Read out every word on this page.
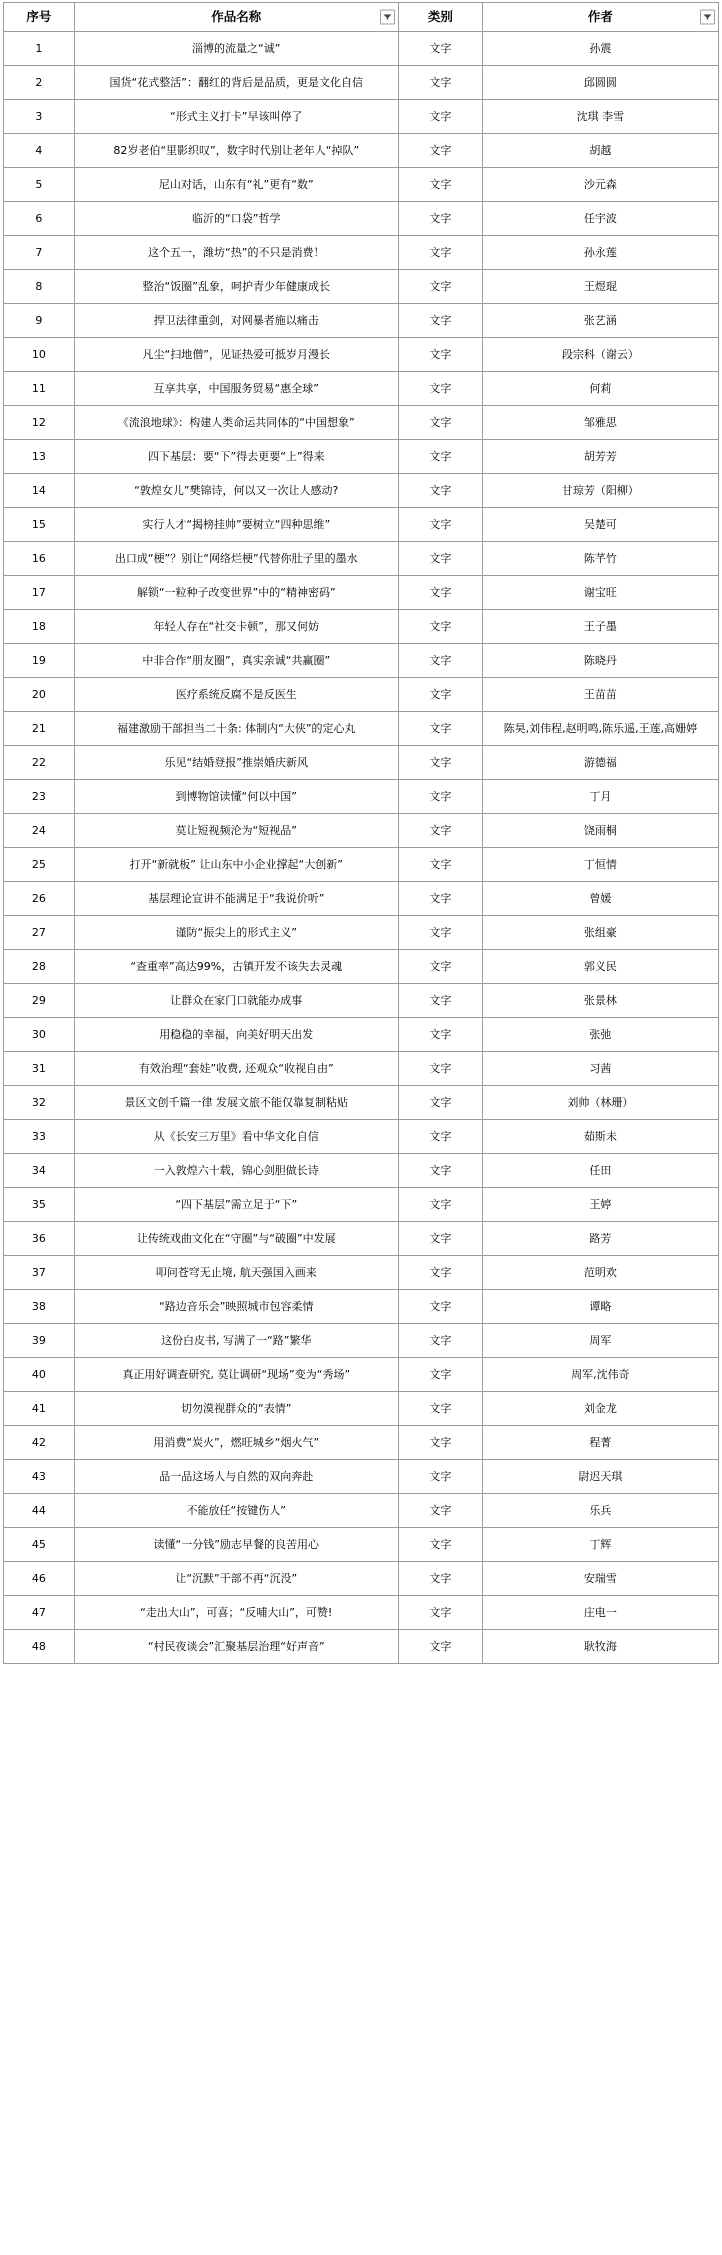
序号	作品名称	类别	作者

1	淄博的流量之“诚”	文字	孙震
2	国货“花式整活”：翻红的背后是品质，更是文化自信	文字	邱圆圆
3	“形式主义打卡”早该叫停了	文字	沈琪 李雪
4	82岁老伯“里影织叹”，数字时代别让老年人“掉队”	文字	胡越
5	尼山对话，山东有“礼”更有“数”	文字	沙元森
6	临沂的“口袋”哲学	文字	任宇波
7	这个五一，潍坊“热”的不只是消费！	文字	孙永莲
8	整治“饭圈”乱象，呵护青少年健康成长	文字	王煜琨
9	捍卫法律重剑，对网暴者施以痛击	文字	张艺涵
10	凡尘“扫地僧”，见证热爱可抵岁月漫长	文字	段宗科（谢云）
11	互享共享，中国服务贸易“惠全球”	文字	何莉
12	《流浪地球》：构建人类命运共同体的“中国想象”	文字	邹雅思
13	四下基层：要“下”得去更要“上”得来	文字	胡芳芳
14	“敦煌女儿”樊锦诗，何以又一次让人感动?	文字	甘琼芳（阳柳）
15	实行人才“揭榜挂帅”要树立“四种思维”	文字	吴楚可
16	出口成“梗”？别让“网络烂梗”代替你肚子里的墨水	文字	陈芊竹
17	解锁“一粒种子改变世界”中的“精神密码”	文字	谢宝旺
18	年轻人存在“社交卡顿”，那又何妨	文字	王子墨
19	中非合作“朋友圈”，真实亲诚“共赢圈”	文字	陈晓丹
20	医疗系统反腐不是反医生	文字	王苗苗
21	福建激励干部担当二十条: 体制内“大侠”的定心丸	文字	陈昊,刘伟程,赵明鸣,陈乐遥,王莲,高姗婷
22	乐见“结婚登报”推崇婚庆新风	文字	游德福
23	到博物馆读懂“何以中国”	文字	丁月
24	莫让短视频沦为“短视品”	文字	饶雨桐
25	打开“新就板” 让山东中小企业撑起“大创新”	文字	丁恒情
26	基层理论宣讲不能满足于“我说价听”	文字	曾媛
27	谨防“振尖上的形式主义”	文字	张组豪
28	“查重率”高达99%，古镇开发不该失去灵魂	文字	郭义民
29	让群众在家门口就能办成事	文字	张景林
30	用稳稳的幸福，向美好明天出发	文字	张弛
31	有效治理“套娃”收费, 还观众“收视自由”	文字	习茜
32	景区文创千篇一律 发展文旅不能仅靠复制粘贴	文字	刘帅（林珊）
33	从《长安三万里》看中华文化自信	文字	茹斯未
34	一入敦煌六十载，锦心剑胆做长诗	文字	任田
35	“四下基层”需立足于“下”	文字	王婷
36	让传统戏曲文化在“守圈”与“破圈”中发展	文字	路芳
37	叩问苍穹无止境, 航天强国入画来	文字	范明欢
38	“路边音乐会”映照城市包容柔情	文字	谭略
39	这份白皮书, 写满了一“路”繁华	文字	周军
40	真正用好调查研究, 莫让调研“现场”变为“秀场”	文字	周军,沈伟奇
41	切勿漠视群众的“表情”	文字	刘金龙
42	用消费“炭火”，燃旺城乡“烟火气”	文字	程菁
43	品一品这场人与自然的双向奔赴	文字	尉迟天琪
44	不能放任“按键伤人”	文字	乐兵
45	读懂“一分钱”励志早餐的良苦用心	文字	丁辉
46	让“沉默”干部不再“沉没”	文字	安瑞雪
47	“走出大山”，可喜；“反哺大山”，可赞!	文字	庄电一
48	“村民夜谈会”汇聚基层治理“好声音”	文字	耿牧海
